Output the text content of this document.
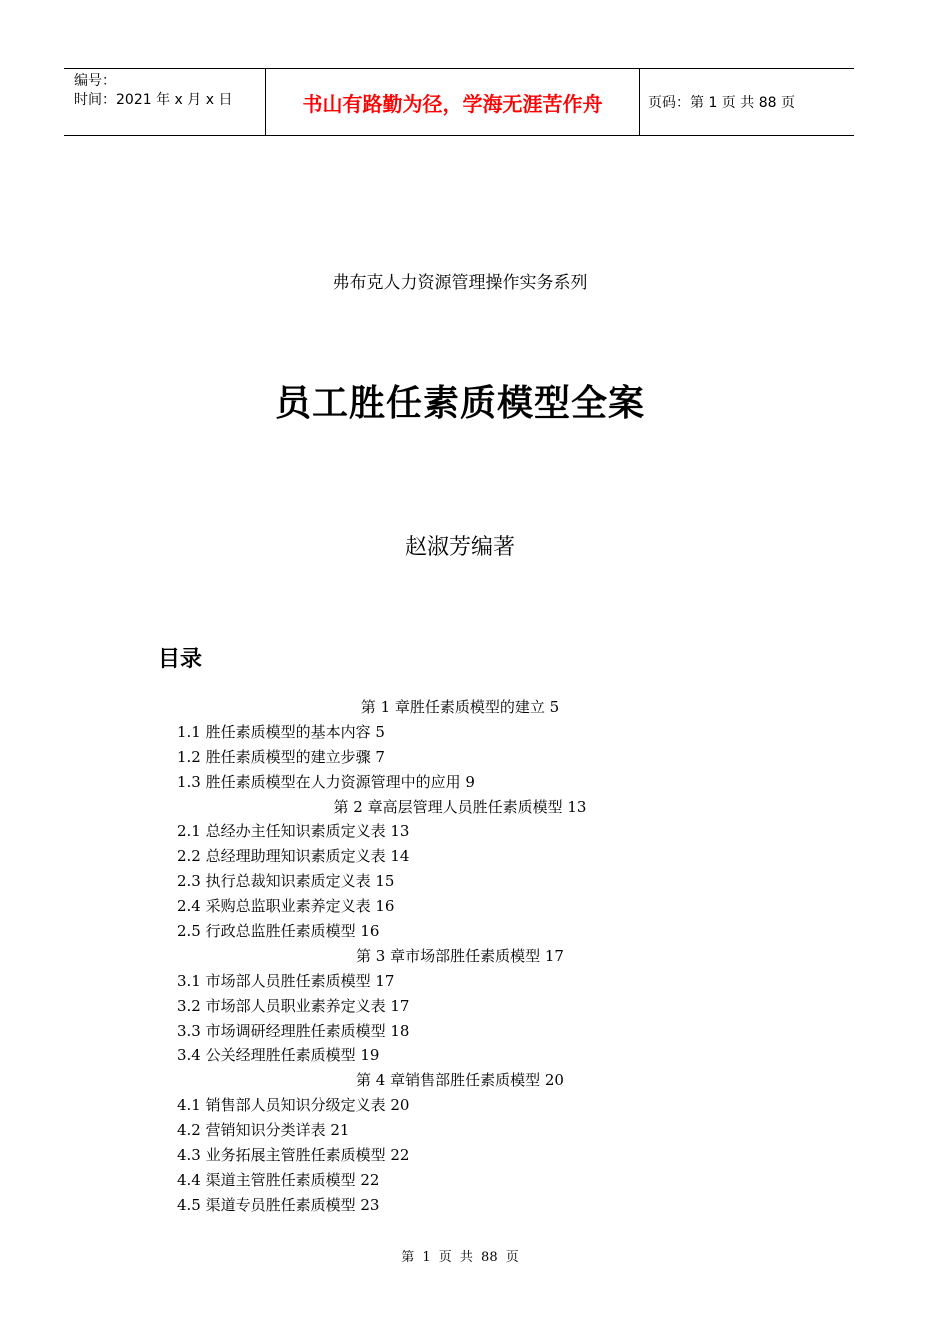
编号：
时间：2021 年 x 月 x 日	书山有路勤为径，学海无涯苦作舟	页码：第 1 页 共 88 页
弗布克人力资源管理操作实务系列
员工胜任素质模型全案
赵淑芳编著
目录
第 1 章胜任素质模型的建立 5
1.1 胜任素质模型的基本内容 5
1.2 胜任素质模型的建立步骤 7
1.3 胜任素质模型在人力资源管理中的应用 9
第 2 章高层管理人员胜任素质模型 13
2.1 总经办主任知识素质定义表 13
2.2 总经理助理知识素质定义表 14
2.3 执行总裁知识素质定义表 15
2.4 采购总监职业素养定义表 16
2.5 行政总监胜任素质模型 16
第 3 章市场部胜任素质模型 17
3.1 市场部人员胜任素质模型 17
3.2 市场部人员职业素养定义表 17
3.3 市场调研经理胜任素质模型 18
3.4 公关经理胜任素质模型 19
第 4 章销售部胜任素质模型 20
4.1 销售部人员知识分级定义表 20
4.2 营销知识分类详表 21
4.3 业务拓展主管胜任素质模型 22
4.4 渠道主管胜任素质模型 22
4.5 渠道专员胜任素质模型 23
第 1 页 共 88 页
